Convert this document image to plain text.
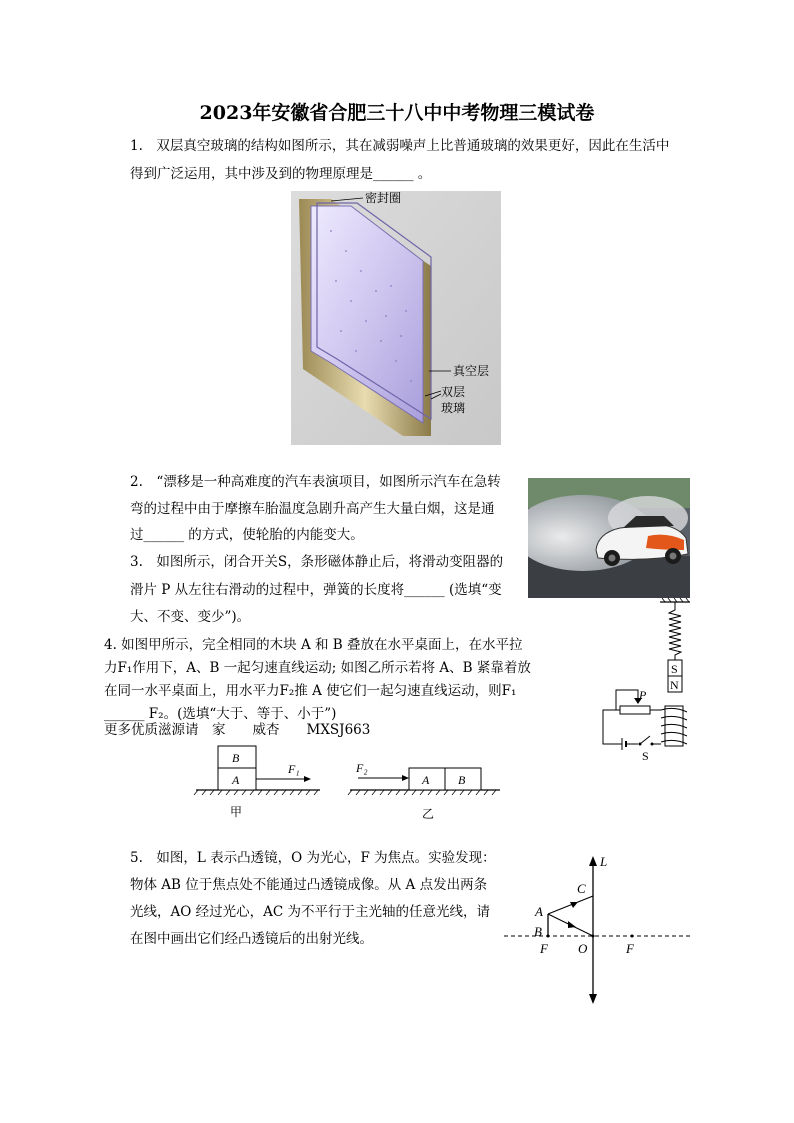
2023年安徽省合肥三十八中中考物理三模试卷
1.　双层真空玻璃的结构如图所示，其在减弱噪声上比普通玻璃的效果更好，因此在生活中
得到广泛运用，其中涉及到的物理原理是______ 。
密封圈
真空层
双层
玻璃
2.　“漂移是一种高难度的汽车表演项目，如图所示汽车在急转
弯的过程中由于摩擦车胎温度急剧升高产生大量白烟，这是通
过______ 的方式，使轮胎的内能变大。
3.　如图所示，闭合开关S，条形磁体静止后，将滑动变阻器的
滑片 P 从左往右滑动的过程中，弹簧的长度将______ (选填“变
大、不变、变少”)。
S
N
P
S
4. 如图甲所示，完全相同的木块 A 和 B 叠放在水平桌面上，在水平拉
力F₁作用下，A、B 一起匀速直线运动; 如图乙所示若将 A、B 紧靠着放
在同一水平桌面上，用水平力F₂推 A 使它们一起匀速直线运动，则F₁
______ F₂。(选填“大于、等于、小于”)
更多优质滋源请　家　　威杏　　MXSJ663
B
A
F₁
甲
F₂
A B
乙
5.　如图，L 表示凸透镜，O 为光心，F 为焦点。实验发现：
物体 AB 位于焦点处不能通过凸透镜成像。从 A 点发出两条
光线，AO 经过光心，AC 为不平行于主光轴的任意光线，请
在图中画出它们经凸透镜后的出射光线。
L
C
A
B
F O	F
